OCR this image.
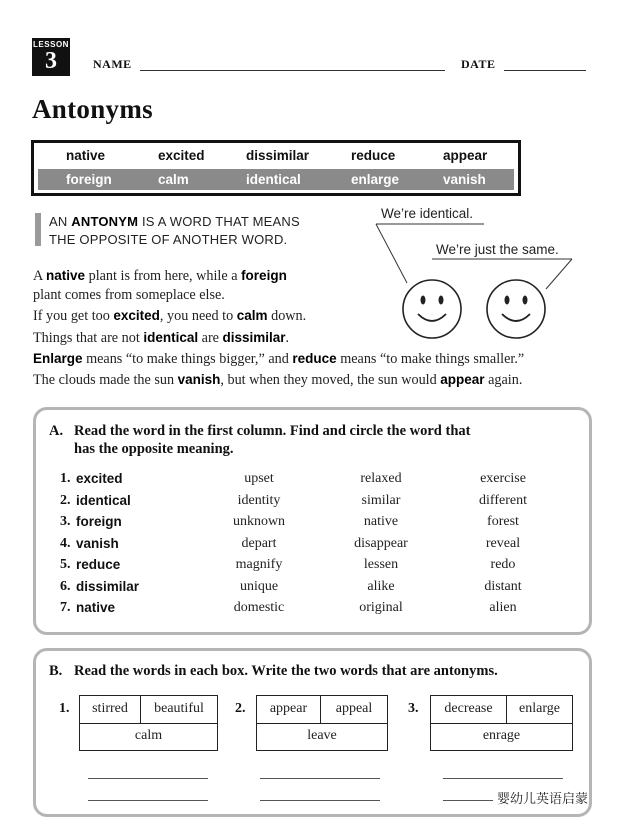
LESSON
3	NAME	DATE
Antonyms
native	excited	dissimilar	reduce	appear
foreign	calm	identical	enlarge	vanish
AN ANTONYM IS A WORD THAT MEANS
THE OPPOSITE OF ANOTHER WORD.
We’re identical.
We’re just the same.
A native plant is from here, while a foreign
plant comes from someplace else.
If you get too excited, you need to calm down.
Things that are not identical are dissimilar.
Enlarge means “to make things bigger,” and reduce means “to make things smaller.”
The clouds made the sun vanish, but when they moved, the sun would appear again.
A. Read the word in the first column. Find and circle the word that
has the opposite meaning.
1. excited	upset	relaxed	exercise
2. identical	identity	similar	different
3. foreign	unknown	native	forest
4. vanish	depart	disappear	reveal
5. reduce	magnify	lessen	redo
6. dissimilar	unique	alike	distant
7. native	domestic	original	alien
B. Read the words in each box. Write the two words that are antonyms.
1.	stirred	beautiful
calm
2.	appear	appeal
leave
3.	decrease	enlarge
enrage
婴幼儿英语启蒙
